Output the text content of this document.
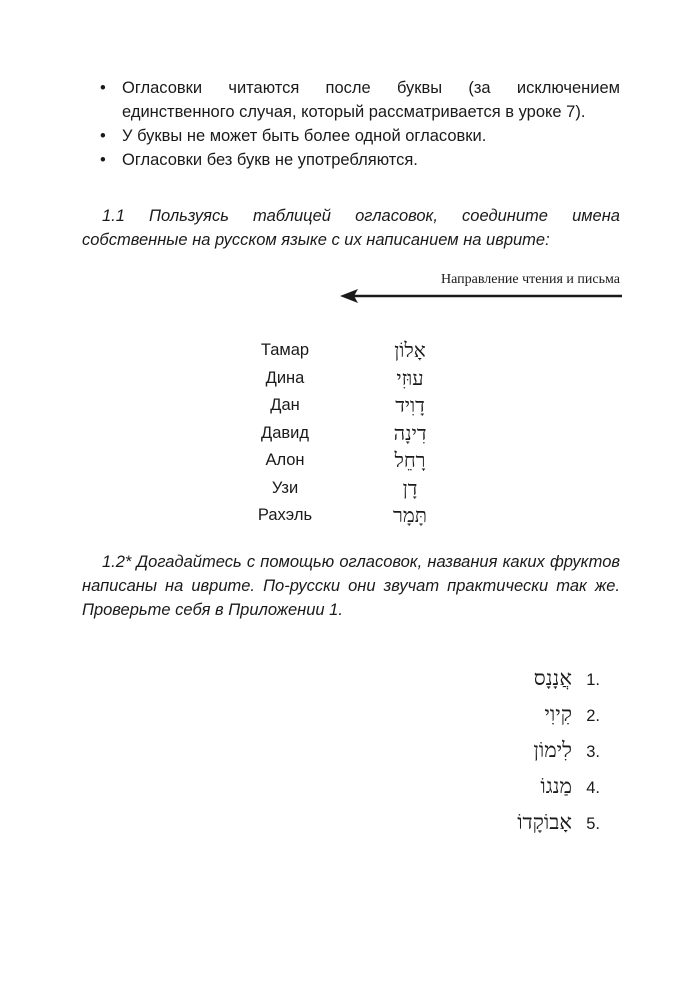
• Огласовки читаются после буквы (за исключением единственного случая, который рассматривается в уроке 7).
• У буквы не может быть более одной огласовки.
• Огласовки без букв не употребляются.

1.1 Пользуясь таблицей огласовок, соедините имена собственные на русском языке с их написанием на иврите:

Направление чтения и письма
Тамар
Дина
Дан
Давид
Алон
Узи
Рахэль
אָלוֹן
עוּזִי
דָוִיד
דִינָה
רָחֵל
דָן
תָּמָר

1.2* Догадайтесь с помощью огласовок, названия каких фруктов написаны на иврите. По-русски они звучат практически так же. Проверьте себя в Приложении 1.

אֲנָנָס 1.
קִיוִי 2.
לִימוֹן 3.
מַנגוֹ 4.
אָבוֹקָדוֹ 5.
